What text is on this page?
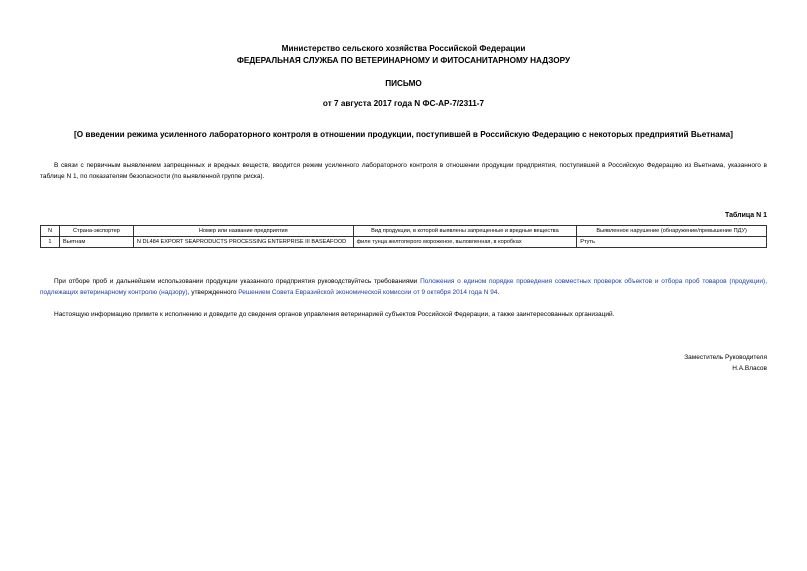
Министерство сельского хозяйства Российской Федерации
ФЕДЕРАЛЬНАЯ СЛУЖБА ПО ВЕТЕРИНАРНОМУ И ФИТОСАНИТАРНОМУ НАДЗОРУ
ПИСЬМО
от 7 августа 2017 года N ФС-АР-7/2311-7
[О введении режима усиленного лабораторного контроля в отношении продукции, поступившей в Российскую Федерацию с некоторых предприятий Вьетнама]
В связи с первичным выявлением запрещенных и вредных веществ, вводится режим усиленного лабораторного контроля в отношении продукции предприятия, поступившей в Российскую Федерацию из Вьетнама, указанного в таблице N 1, по показателям безопасности (по выявленной группе риска).
Таблица N 1
N	Страна-экспортер	Номер или название предприятия	Вид продукции, в которой выявлены запрещенные и вредные вещества	Выявленное нарушение (обнаружение/превышение ПДУ)
1	Вьетнам	N DL484 EXPORT SEAPRODUCTS PROCESSING ENTERPRISE III BASEAFOOD	филе тунца желтоперого мороженое, выловленная, в коробках	Ртуть
При отборе проб и дальнейшем использовании продукции указанного предприятия руководствуйтесь требованиями Положения о едином порядке проведения совместных проверок объектов и отбора проб товаров (продукции), подлежащих ветеринарному контролю (надзору), утвержденного Решением Совета Евразийской экономической комиссии от 9 октября 2014 года N 94.
Настоящую информацию примите к исполнению и доведите до сведения органов управления ветеринарией субъектов Российской Федерации, а также заинтересованных организаций.
Заместитель Руководителя
Н.А.Власов
